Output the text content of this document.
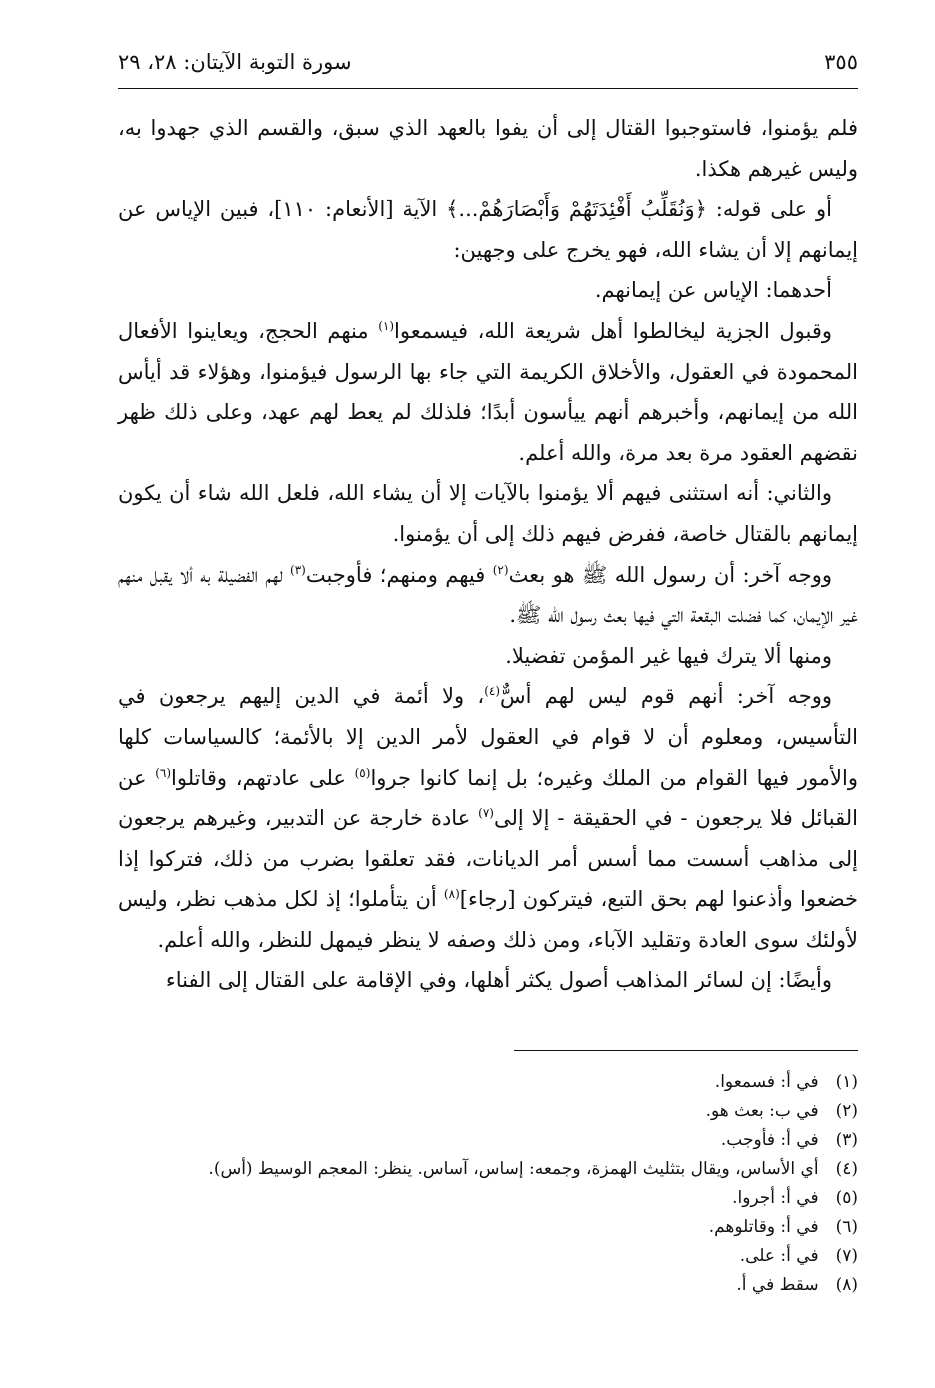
سورة التوبة الآيتان: ٢٨، ٢٩	٣٥٥

فلم يؤمنوا، فاستوجبوا القتال إلى أن يفوا بالعهد الذي سبق، والقسم الذي جهدوا به، وليس غيرهم هكذا.

أو على قوله: ﴿وَنُقَلِّبُ أَفْئِدَتَهُمْ وَأَبْصَارَهُمْ...﴾ الآية [الأنعام: ١١٠]، فبين الإياس عن إيمانهم إلا أن يشاء الله، فهو يخرج على وجهين:

أحدهما: الإياس عن إيمانهم.

وقبول الجزية ليخالطوا أهل شريعة الله، فيسمعوا$^{(١)}$ منهم الحجج، ويعاينوا الأفعال المحمودة في العقول، والأخلاق الكريمة التي جاء بها الرسول فيؤمنوا، وهؤلاء قد أيأس الله من إيمانهم، وأخبرهم أنهم ييأسون أبدًا؛ فلذلك لم يعط لهم عهد، وعلى ذلك ظهر نقضهم العقود مرة بعد مرة، والله أعلم.

والثاني: أنه استثنى فيهم ألا يؤمنوا بالآيات إلا أن يشاء الله، فلعل الله شاء أن يكون إيمانهم بالقتال خاصة، ففرض فيهم ذلك إلى أن يؤمنوا.

ووجه آخر: أن رسول الله ﷺ هو بعث$^{(٢)}$ فيهم ومنهم؛ فأوجبت$^{(٣)}$ لهم الفضيلة به ألا يقبل منهم غير الإيمان، كما فضلت البقعة التي فيها بعث رسول الله ﷺ.

ومنها ألا يترك فيها غير المؤمن تفضيلا.

ووجه آخر: أنهم قوم ليس لهم أسٌّ$^{(٤)}$، ولا أئمة في الدين إليهم يرجعون في التأسيس، ومعلوم أن لا قوام في العقول لأمر الدين إلا بالأئمة؛ كالسياسات كلها والأمور فيها القوام من الملك وغيره؛ بل إنما كانوا جروا$^{(٥)}$ على عادتهم، وقاتلوا$^{(٦)}$ عن القبائل فلا يرجعون - في الحقيقة - إلا إلى$^{(٧)}$ عادة خارجة عن التدبير، وغيرهم يرجعون إلى مذاهب أسست مما أسس أمر الديانات، فقد تعلقوا بضرب من ذلك، فتركوا إذا خضعوا وأذعنوا لهم بحق التبع، فيتركون [رجاء]$^{(٨)}$ أن يتأملوا؛ إذ لكل مذهب نظر، وليس لأولئك سوى العادة وتقليد الآباء، ومن ذلك وصفه لا ينظر فيمهل للنظر، والله أعلم.

وأيضًا: إن لسائر المذاهب أصول يكثر أهلها، وفي الإقامة على القتال إلى الفناء

(١) في أ: فسمعوا.
(٢) في ب: بعث هو.
(٣) في أ: فأوجب.
(٤) أي الأساس، ويقال بتثليث الهمزة، وجمعه: إساس، آساس. ينظر: المعجم الوسيط (أس).
(٥) في أ: أجروا.
(٦) في أ: وقاتلوهم.
(٧) في أ: على.
(٨) سقط في أ.
